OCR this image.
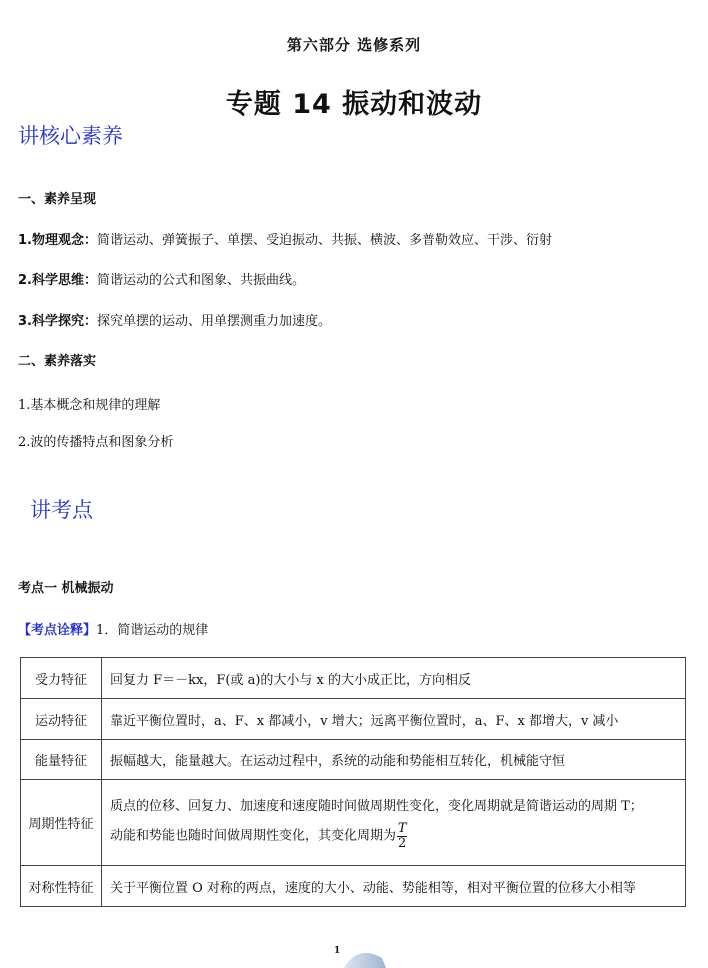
第六部分 选修系列
专题 14 振动和波动
讲核心素养
一、素养呈现
1.物理观念：简谐运动、弹簧振子、单摆、受迫振动、共振、横波、多普勒效应、干涉、衍射
2.科学思维：简谐运动的公式和图象、共振曲线。
3.科学探究：探究单摆的运动、用单摆测重力加速度。
二、素养落实
1.基本概念和规律的理解
2.波的传播特点和图象分析
讲考点
考点一 机械振动
【考点诠释】1．简谐运动的规律
受力特征	回复力 F＝－kx，F(或 a)的大小与 x 的大小成正比，方向相反
运动特征	靠近平衡位置时，a、F、x 都减小，v 增大；远离平衡位置时，a、F、x 都增大，v 减小
能量特征	振幅越大，能量越大。在运动过程中，系统的动能和势能相互转化，机械能守恒
周期性特征	质点的位移、回复力、加速度和速度随时间做周期性变化，变化周期就是简谐运动的周期 T；
动能和势能也随时间做周期性变化，其变化周期为 $\frac{T}{2}$

对称性特征	关于平衡位置 O 对称的两点，速度的大小、动能、势能相等，相对平衡位置的位移大小相等
1
